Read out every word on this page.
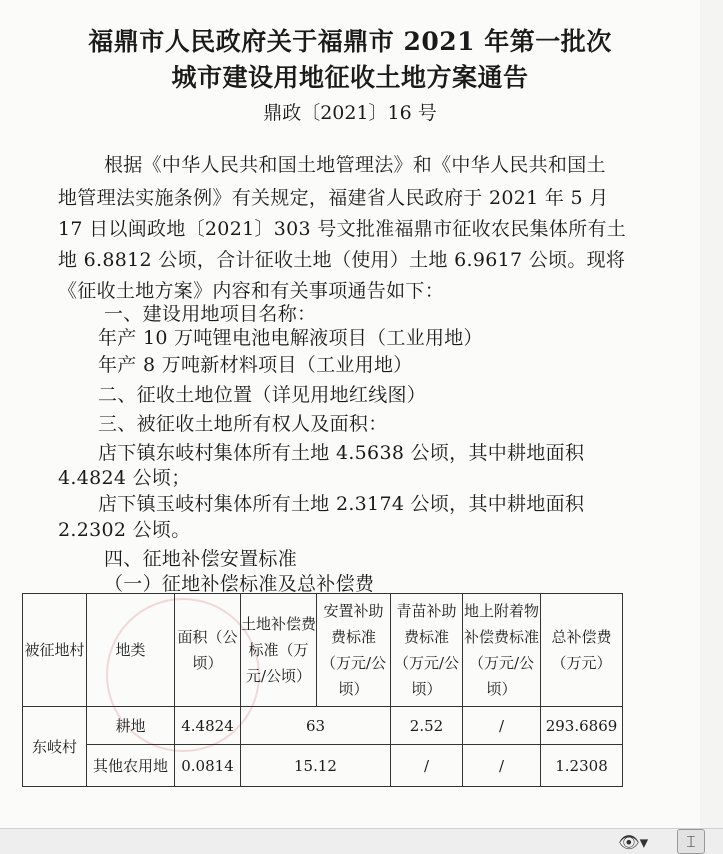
福鼎市人民政府关于福鼎市 2021 年第一批次
城市建设用地征收土地方案通告
鼎政〔2021〕16 号
根据《中华人民共和国土地管理法》和《中华人民共和国土
地管理法实施条例》有关规定，福建省人民政府于 2021 年 5 月
17 日以闽政地〔2021〕303 号文批准福鼎市征收农民集体所有土
地 6.8812 公顷，合计征收土地（使用）土地 6.9617 公顷。现将
《征收土地方案》内容和有关事项通告如下：
一、建设用地项目名称：
年产 10 万吨锂电池电解液项目（工业用地）
年产 8 万吨新材料项目（工业用地）
二、征收土地位置（详见用地红线图）
三、被征收土地所有权人及面积：
店下镇东岐村集体所有土地 4.5638 公顷，其中耕地面积
4.4824 公顷；
店下镇玉岐村集体所有土地 2.3174 公顷，其中耕地面积
2.2302 公顷。
四、征地补偿安置标准
（一）征地补偿标准及总补偿费
被征地村	地类	面积（公顷）	土地补偿费标准（万元/公顷）	安置补助费标准（万元/公顷）	青苗补助费标准（万元/公顷）	地上附着物补偿费标准（万元/公顷）	总补偿费（万元）
东岐村	耕地	4.4824	63		2.52	/	293.6869
	其他农用地	0.0814	15.12		/	/	1.2308
👁▾	⌶
